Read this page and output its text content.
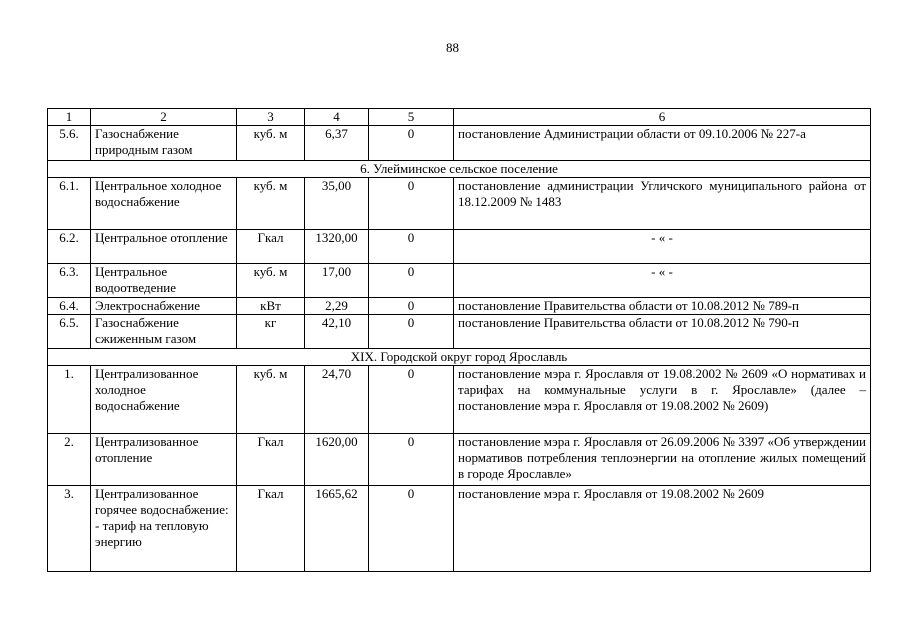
88
1	2	3	4	5	6
5.6.	Газоснабжение природным газом	куб. м	6,37	0	постановление Администрации области от 09.10.2006 № 227-а
6. Улейминское сельское поселение					
6.1.	Центральное холодное водоснабжение	куб. м	35,00	0	постановление администрации Угличского муниципального района от 18.12.2009 № 1483
6.2.	Центральное отопление	Гкал	1320,00	0	- « -

6.3.	Центральное водоотведение	куб. м	17,00	0	- « -

6.4.	Электроснабжение	кВт	2,29	0	постановление Правительства области от 10.08.2012 № 789-п
6.5.	Газоснабжение сжиженным газом	кг	42,10	0	постановление Правительства области от 10.08.2012 № 790-п
XIX. Городской округ город Ярославль					
1.	Централизованное холодное водоснабжение	куб. м	24,70	0	постановление мэра г. Ярославля от 19.08.2002 № 2609 «О нормативах и тарифах на коммунальные услуги в г. Ярославле» (далее – постановление мэра г. Ярославля от 19.08.2002 № 2609)
2.	Централизованное отопление	Гкал	1620,00	0	постановление мэра г. Ярославля от 26.09.2006 № 3397 «Об утверждении нормативов потребления теплоэнергии на отопление жилых помещений в городе Ярославле»
3.	Централизованное горячее водоснабжение: - тариф на тепловую энергию	Гкал	1665,62	0	постановление мэра г. Ярославля от 19.08.2002 № 2609
